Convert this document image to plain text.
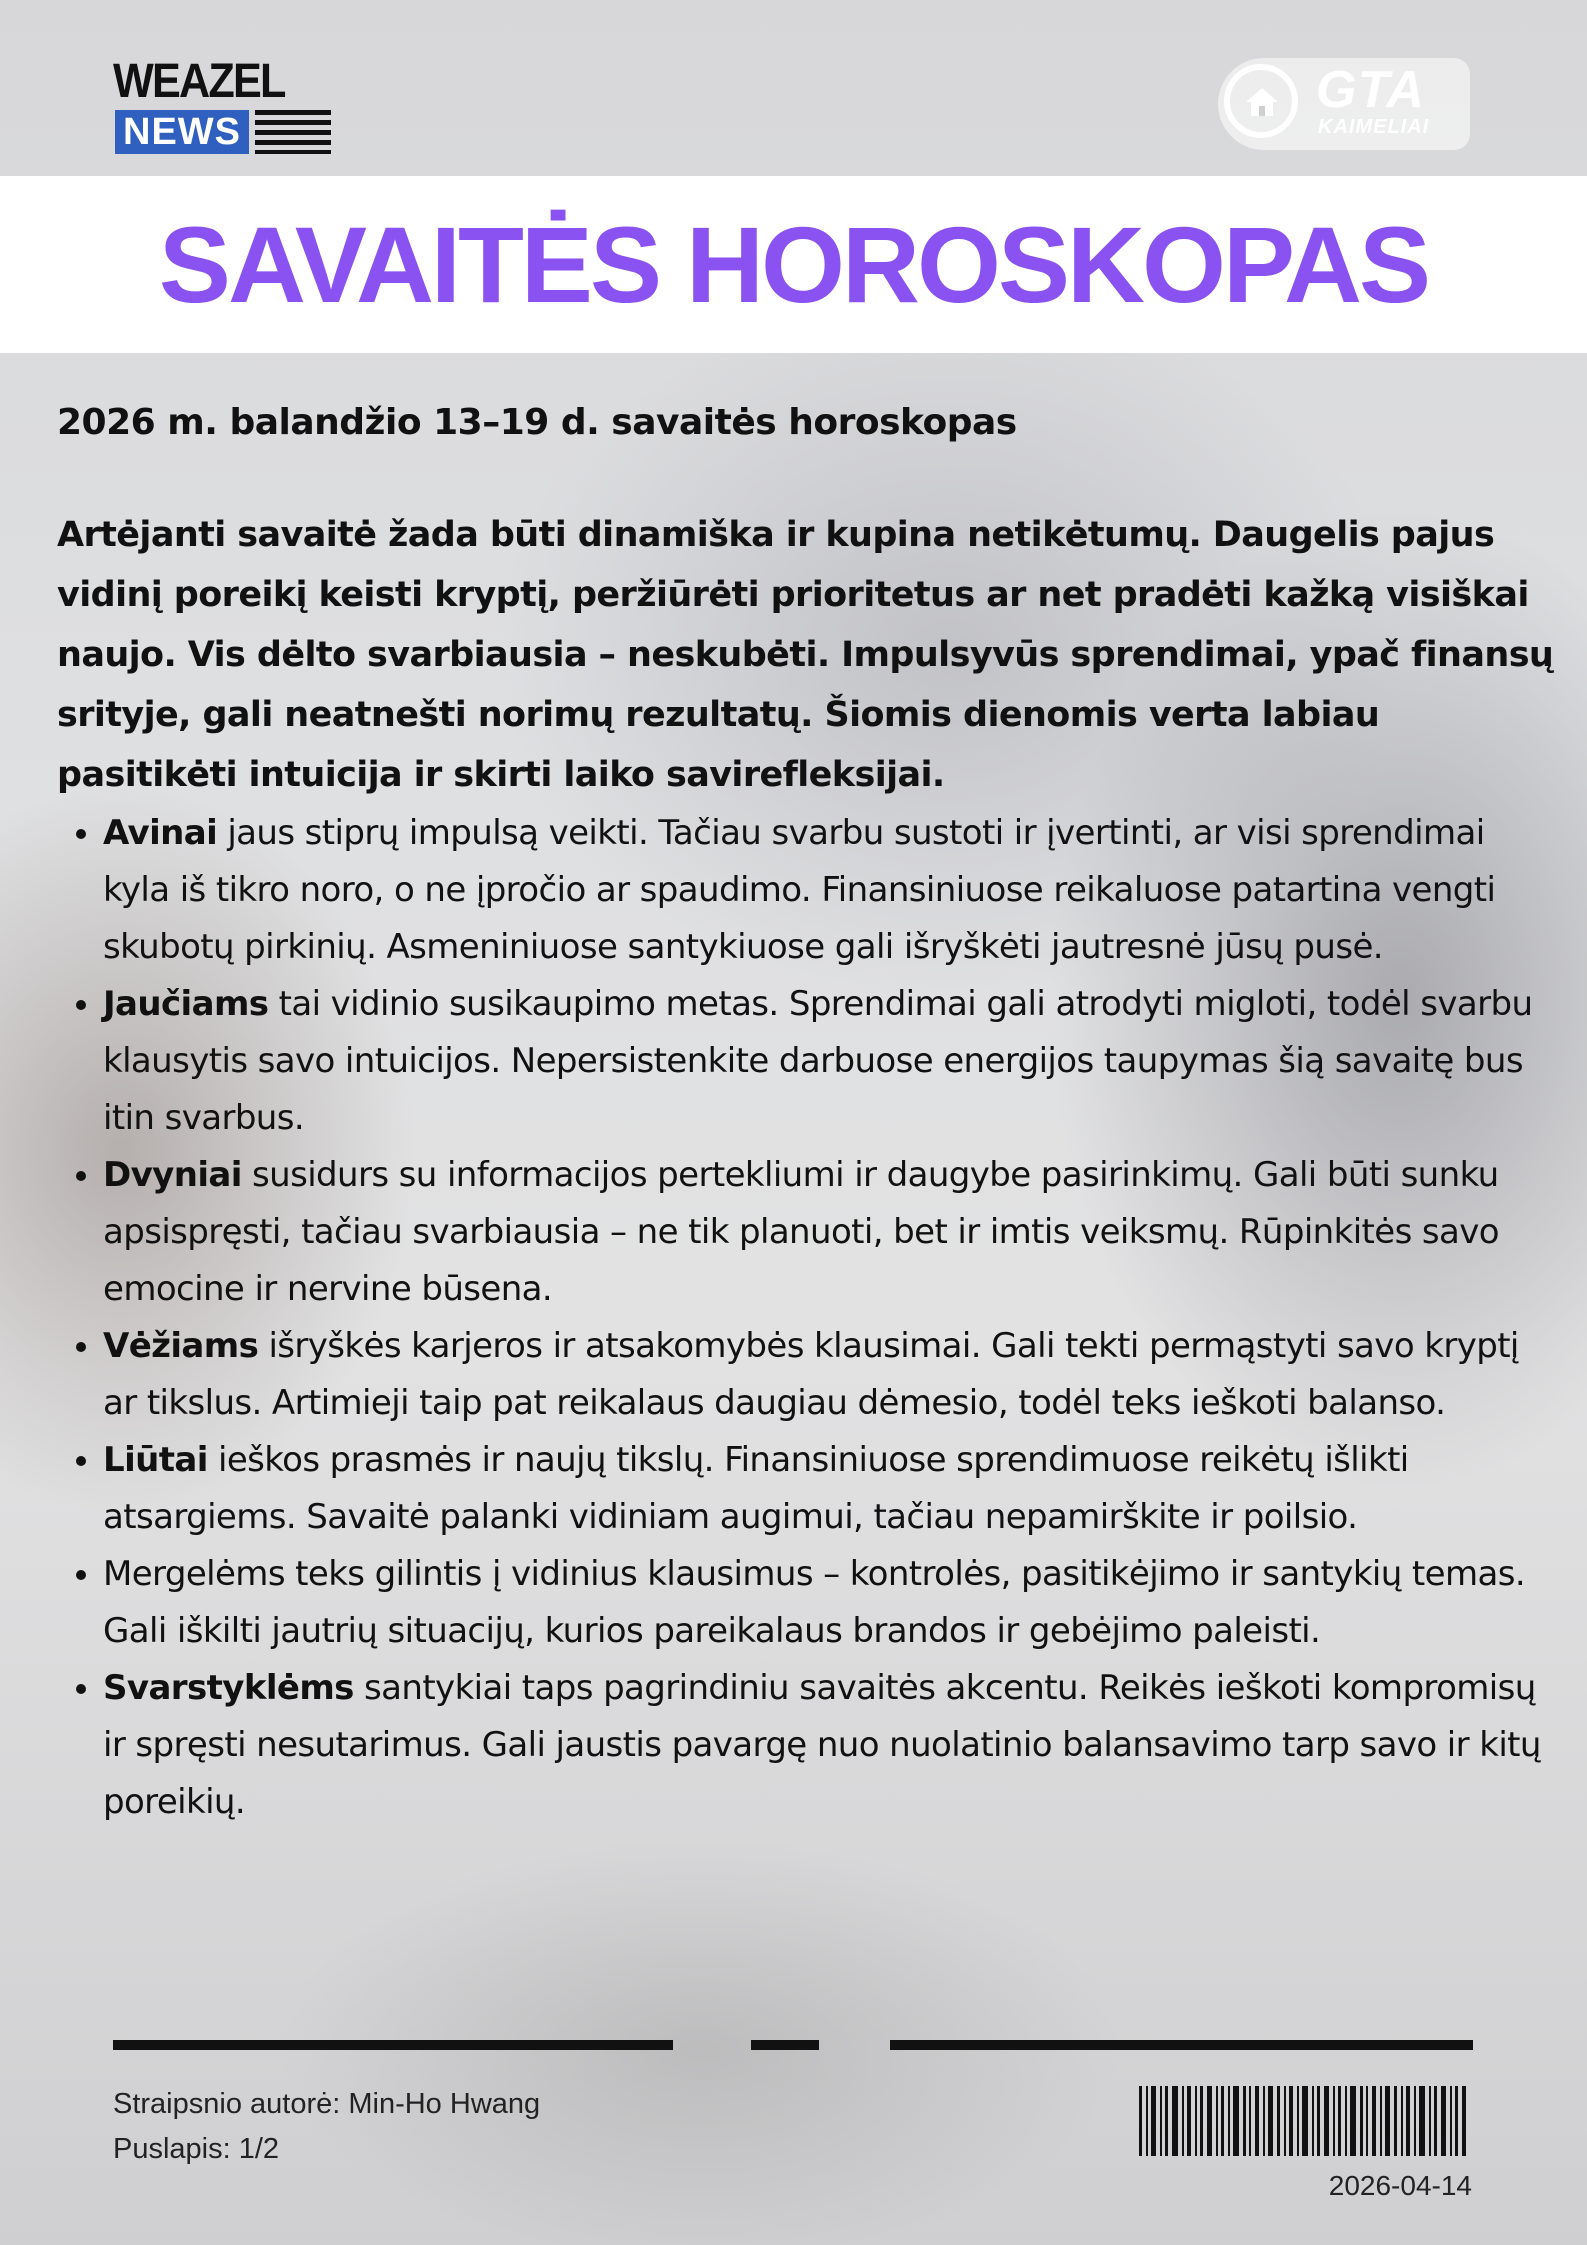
WEAZEL
NEWS
GTA
KAIMELIAI
SAVAITĖS HOROSKOPAS

2026 m. balandžio 13–19 d. savaitės horoskopas

Artėjanti savaitė žada būti dinamiška ir kupina netikėtumų. Daugelis pajus vidinį poreikį keisti kryptį, peržiūrėti prioritetus ar net pradėti kažką visiškai naujo. Vis dėlto svarbiausia – neskubėti. Impulsyvūs sprendimai, ypač finansų srityje, gali neatnešti norimų rezultatų. Šiomis dienomis verta labiau pasitikėti intuicija ir skirti laiko savirefleksijai.

• Avinai jaus stiprų impulsą veikti. Tačiau svarbu sustoti ir įvertinti, ar visi sprendimai kyla iš tikro noro, o ne įpročio ar spaudimo. Finansiniuose reikaluose patartina vengti skubotų pirkinių. Asmeniniuose santykiuose gali išryškėti jautresnė jūsų pusė.
• Jaučiams tai vidinio susikaupimo metas. Sprendimai gali atrodyti migloti, todėl svarbu klausytis savo intuicijos. Nepersistenkite darbuose energijos taupymas šią savaitę bus itin svarbus.
• Dvyniai susidurs su informacijos pertekliumi ir daugybe pasirinkimų. Gali būti sunku apsispręsti, tačiau svarbiausia – ne tik planuoti, bet ir imtis veiksmų. Rūpinkitės savo emocine ir nervine būsena.
• Vėžiams išryškės karjeros ir atsakomybės klausimai. Gali tekti permąstyti savo kryptį ar tikslus. Artimieji taip pat reikalaus daugiau dėmesio, todėl teks ieškoti balanso.
• Liūtai ieškos prasmės ir naujų tikslų. Finansiniuose sprendimuose reikėtų išlikti atsargiems. Savaitė palanki vidiniam augimui, tačiau nepamirškite ir poilsio.
• Mergelėms teks gilintis į vidinius klausimus – kontrolės, pasitikėjimo ir santykių temas. Gali iškilti jautrių situacijų, kurios pareikalaus brandos ir gebėjimo paleisti.
• Svarstyklėms santykiai taps pagrindiniu savaitės akcentu. Reikės ieškoti kompromisų ir spręsti nesutarimus. Gali jaustis pavargę nuo nuolatinio balansavimo tarp savo ir kitų poreikių.
Straipsnio autorė: Min-Ho Hwang
Puslapis: 1/2
2026-04-14
